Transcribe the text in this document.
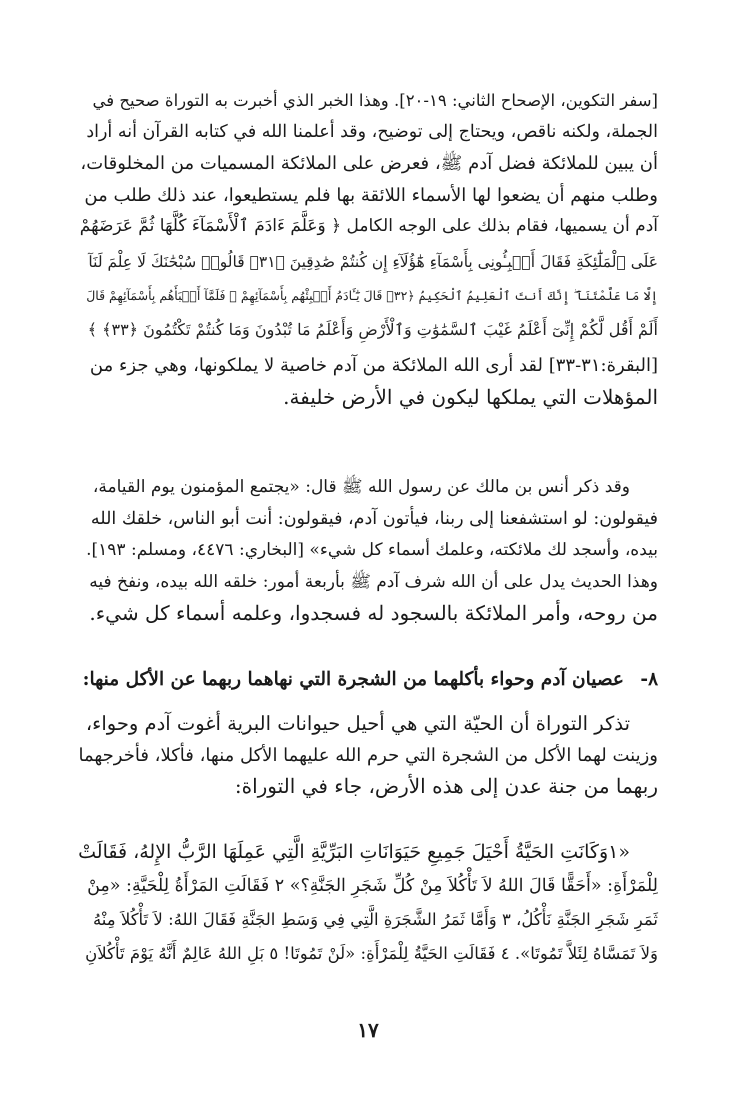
[سفر التكوين، الإصحاح الثاني: ١٩-٢٠]. وهذا الخبر الذي أخبرت به التوراة صحيح في
الجملة، ولكنه ناقص، ويحتاج إلى توضيح، وقد أعلمنا الله في كتابه القرآن أنه أراد
أن يبين للملائكة فضل آدم ﷺ، فعرض على الملائكة المسميات من المخلوقات،
وطلب منهم أن يضعوا لها الأسماء اللائقة بها فلم يستطيعوا، عند ذلك طلب من
آدم أن يسميها، فقام بذلك على الوجه الكامل ﴿ وَعَلَّمَ ءَادَمَ ٱلْأَسْمَآءَ كُلَّهَا ثُمَّ عَرَضَهُمْ
عَلَى ٱلْمَلَٰٓئِكَةِ فَقَالَ أَنۢبِـُٔونِى بِأَسْمَآءِ هَٰٓؤُلَآءِ إِن كُنتُمْ صَٰدِقِينَ ﴿٣١﴾ قَالُوا۟ سُبْحَٰنَكَ لَا عِلْمَ لَنَآ
إِلَّا مَا عَلَّمْتَنَآ ۖ إِنَّكَ أَنتَ ٱلْعَلِيمُ ٱلْحَكِيمُ ﴿٣٢﴾ قَالَ يَٰٓـَٔادَمُ أَنۢبِئْهُم بِأَسْمَآئِهِمْ ۖ فَلَمَّآ أَنۢبَأَهُم بِأَسْمَآئِهِمْ قَالَ
أَلَمْ أَقُل لَّكُمْ إِنِّىٓ أَعْلَمُ غَيْبَ ٱلسَّمَٰوَٰتِ وَٱلْأَرْضِ وَأَعْلَمُ مَا تُبْدُونَ وَمَا كُنتُمْ تَكْتُمُونَ ﴿٣٣﴾ ﴾
[البقرة:٣١-٣٣] لقد أرى الله الملائكة من آدم خاصية لا يملكونها، وهي جزء من
المؤهلات التي يملكها ليكون في الأرض خليفة.
وقد ذكر أنس بن مالك عن رسول الله ﷺ قال: «يجتمع المؤمنون يوم القيامة،
فيقولون: لو استشفعنا إلى ربنا، فيأتون آدم، فيقولون: أنت أبو الناس، خلقك الله
بيده، وأسجد لك ملائكته، وعلمك أسماء كل شيء» [البخاري: ٤٤٧٦، ومسلم: ١٩٣].
وهذا الحديث يدل على أن الله شرف آدم ﷺ بأربعة أمور: خلقه الله بيده، ونفخ فيه
من روحه، وأمر الملائكة بالسجود له فسجدوا، وعلمه أسماء كل شيء.
٨- عصيان آدم وحواء بأكلهما من الشجرة التي نهاهما ربهما عن الأكل منها:
تذكر التوراة أن الحيّة التي هي أحيل حيوانات البرية أغوت آدم وحواء،
وزينت لهما الأكل من الشجرة التي حرم الله عليهما الأكل منها، فأكلا، فأخرجهما
ربهما من جنة عدن إلى هذه الأرض، جاء في التوراة:
«١وَكَانَتِ الحَيَّةُ أَحْيَلَ جَمِيعِ حَيَوَانَاتِ البَرِّيَّةِ الَّتِي عَمِلَهَا الرَّبُّ الإِلهُ، فَقَالَتْ
لِلْمَرْأَةِ: «أَحَقًّا قَالَ اللهُ لاَ تَأْكُلاَ مِنْ كُلِّ شَجَرِ الجَنَّةِ؟» ٢ فَقَالَتِ المَرْأَةُ لِلْحَيَّةِ: «مِنْ
ثَمَرِ شَجَرِ الجَنَّةِ نَأْكُلُ، ٣ وَأَمَّا ثَمَرُ الشَّجَرَةِ الَّتِي فِي وَسَطِ الجَنَّةِ فَقَالَ اللهُ: لاَ تَأْكُلاَ مِنْهُ
وَلاَ تَمَسَّاهُ لِئَلاَّ تَمُوتَا». ٤ فَقَالَتِ الحَيَّةُ لِلْمَرْأَةِ: «لَنْ تَمُوتَا! ٥ بَلِ اللهُ عَالِمٌ أَنَّهُ يَوْمَ تَأْكُلاَنِ
١٧
